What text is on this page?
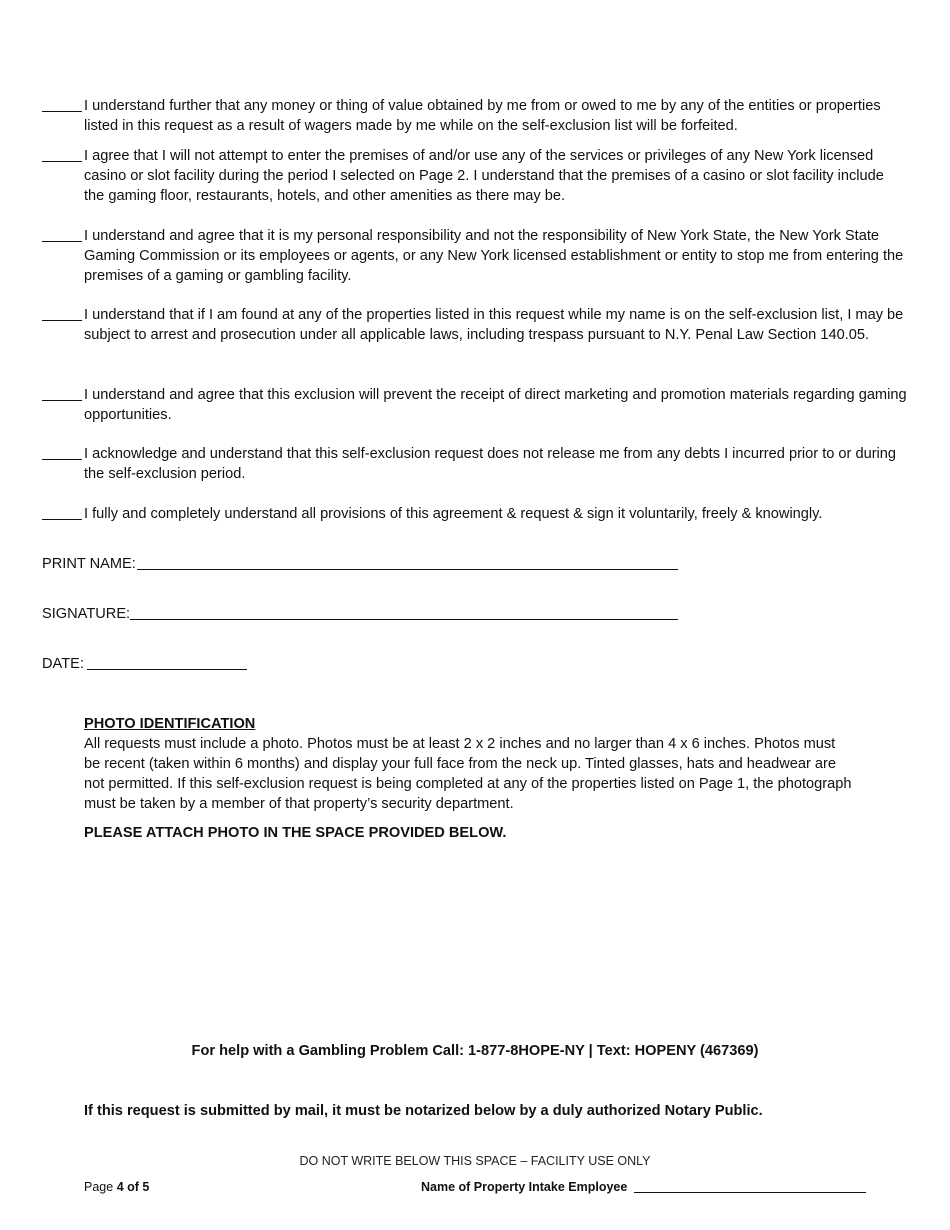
I understand further that any money or thing of value obtained by me from or owed to me by any of the entities or properties listed in this request as a result of wagers made by me while on the self-exclusion list will be forfeited.
I agree that I will not attempt to enter the premises of and/or use any of the services or privileges of any New York licensed casino or slot facility during the period I selected on Page 2. I understand that the premises of a casino or slot facility include the gaming floor, restaurants, hotels, and other amenities as there may be.
I understand and agree that it is my personal responsibility and not the responsibility of New York State, the New York State Gaming Commission or its employees or agents, or any New York licensed establishment or entity to stop me from entering the premises of a gaming or gambling facility.
I understand that if I am found at any of the properties listed in this request while my name is on the self-exclusion list, I may be subject to arrest and prosecution under all applicable laws, including trespass pursuant to N.Y. Penal Law Section 140.05.
I understand and agree that this exclusion will prevent the receipt of direct marketing and promotion materials regarding gaming opportunities.
I acknowledge and understand that this self-exclusion request does not release me from any debts I incurred prior to or during the self-exclusion period.
I fully and completely understand all provisions of this agreement & request & sign it voluntarily, freely & knowingly.
PRINT NAME:
SIGNATURE:
DATE:
PHOTO IDENTIFICATION
All requests must include a photo. Photos must be at least 2 x 2 inches and no larger than 4 x 6 inches. Photos must be recent (taken within 6 months) and display your full face from the neck up. Tinted glasses, hats and headwear are not permitted. If this self-exclusion request is being completed at any of the properties listed on Page 1, the photograph must be taken by a member of that property’s security department.
PLEASE ATTACH PHOTO IN THE SPACE PROVIDED BELOW.
For help with a Gambling Problem Call: 1-877-8HOPE-NY | Text: HOPENY (467369)
If this request is submitted by mail, it must be notarized below by a duly authorized Notary Public.
DO NOT WRITE BELOW THIS SPACE – FACILITY USE ONLY
Page 4 of 5	Name of Property Intake Employee
